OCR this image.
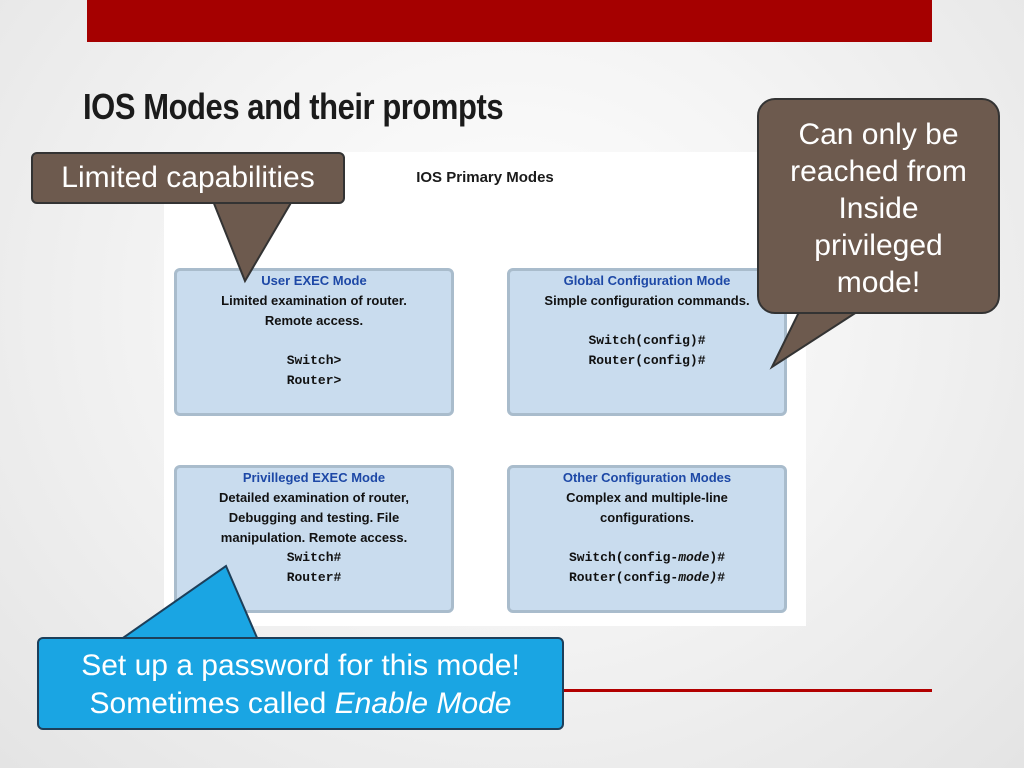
IOS Modes and their prompts
IOS Primary Modes
User EXEC Mode
Limited examination of router.
Remote access.
Switch>
Router>
Global Configuration Mode
Simple configuration commands.
Switch(config)#
Router(config)#
Privilleged EXEC Mode
Detailed examination of router,
Debugging and testing. File
manipulation. Remote access.
Switch#
Router#
Other Configuration Modes
Complex and multiple-line
configurations.
Switch(config-mode)#
Router(config-mode)#
Limited capabilities
Can only be
reached from
Inside
privileged
mode!
Set up a password for this mode!
Sometimes called Enable Mode
